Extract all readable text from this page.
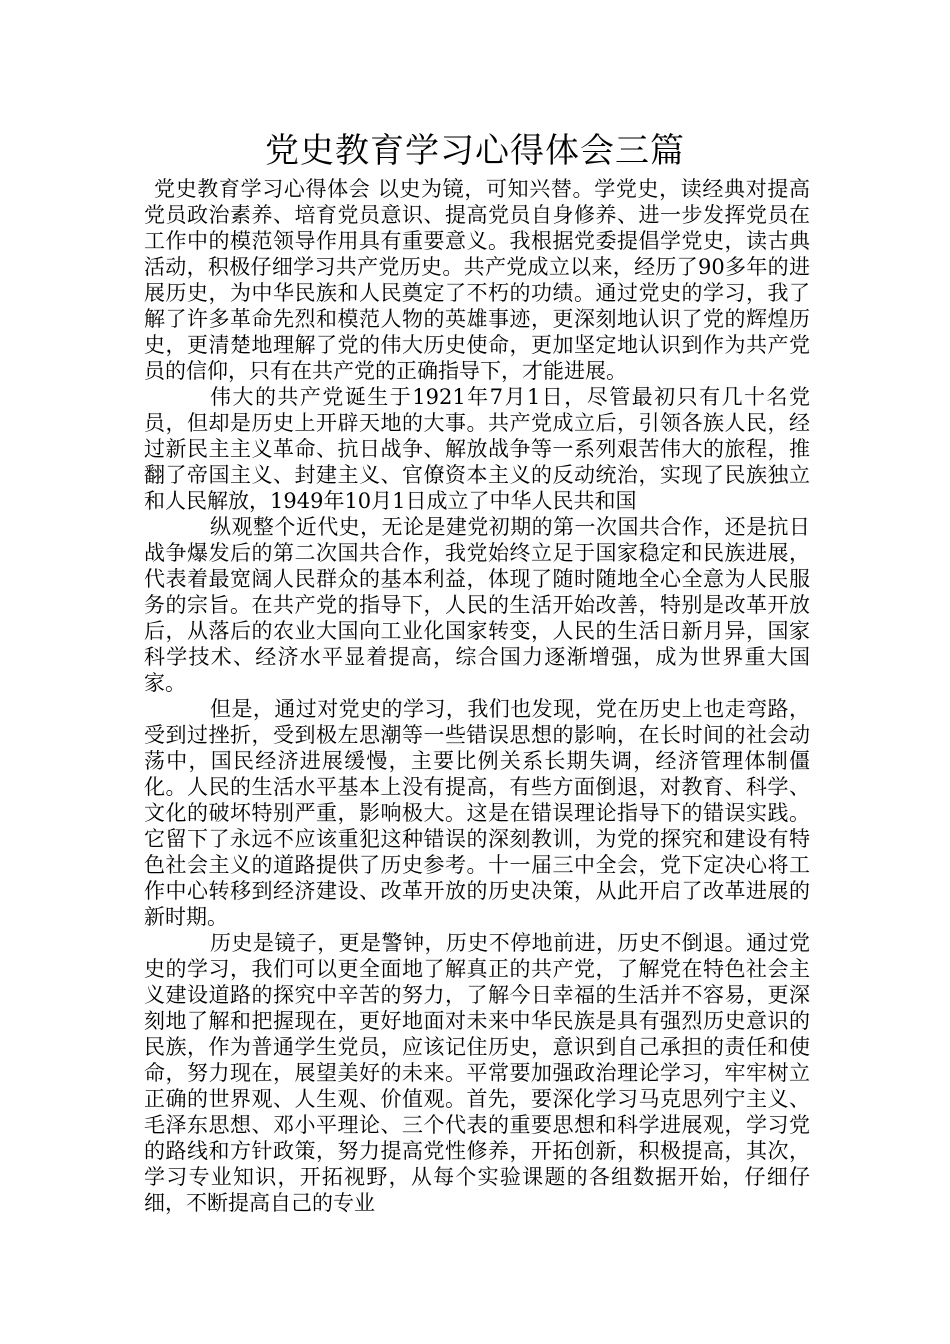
党史教育学习心得体会三篇

党史教育学习心得体会 以史为镜，可知兴替。学党史，读经典对提高党员政治素养、培育党员意识、提高党员自身修养、进一步发挥党员在工作中的模范领导作用具有重要意义。我根据党委提倡学党史，读古典活动，积极仔细学习共产党历史。共产党成立以来，经历了90多年的进展历史，为中华民族和人民奠定了不朽的功绩。通过党史的学习，我了解了许多革命先烈和模范人物的英雄事迹，更深刻地认识了党的辉煌历史，更清楚地理解了党的伟大历史使命，更加坚定地认识到作为共产党员的信仰，只有在共产党的正确指导下，才能进展。

伟大的共产党诞生于1921年7月1日，尽管最初只有几十名党员，但却是历史上开辟天地的大事。共产党成立后，引领各族人民，经过新民主主义革命、抗日战争、解放战争等一系列艰苦伟大的旅程，推翻了帝国主义、封建主义、官僚资本主义的反动统治，实现了民族独立和人民解放，1949年10月1日成立了中华人民共和国

纵观整个近代史，无论是建党初期的第一次国共合作，还是抗日战争爆发后的第二次国共合作，我党始终立足于国家稳定和民族进展，代表着最宽阔人民群众的基本利益，体现了随时随地全心全意为人民服务的宗旨。在共产党的指导下，人民的生活开始改善，特别是改革开放后，从落后的农业大国向工业化国家转变，人民的生活日新月异，国家科学技术、经济水平显着提高，综合国力逐渐增强，成为世界重大国家。

但是，通过对党史的学习，我们也发现，党在历史上也走弯路，受到过挫折，受到极左思潮等一些错误思想的影响，在长时间的社会动荡中，国民经济进展缓慢，主要比例关系长期失调，经济管理体制僵化。人民的生活水平基本上没有提高，有些方面倒退，对教育、科学、文化的破坏特别严重，影响极大。这是在错误理论指导下的错误实践。它留下了永远不应该重犯这种错误的深刻教训，为党的探究和建设有特色社会主义的道路提供了历史参考。十一届三中全会，党下定决心将工作中心转移到经济建设、改革开放的历史决策，从此开启了改革进展的新时期。

历史是镜子，更是警钟，历史不停地前进，历史不倒退。通过党史的学习，我们可以更全面地了解真正的共产党，了解党在特色社会主义建设道路的探究中辛苦的努力，了解今日幸福的生活并不容易，更深刻地了解和把握现在，更好地面对未来中华民族是具有强烈历史意识的民族，作为普通学生党员，应该记住历史，意识到自己承担的责任和使命，努力现在，展望美好的未来。平常要加强政治理论学习，牢牢树立正确的世界观、人生观、价值观。首先，要深化学习马克思列宁主义、毛泽东思想、邓小平理论、三个代表的重要思想和科学进展观，学习党的路线和方针政策，努力提高党性修养，开拓创新，积极提高，其次，学习专业知识，开拓视野，从每个实验课题的各组数据开始，仔细仔细，不断提高自己的专业
